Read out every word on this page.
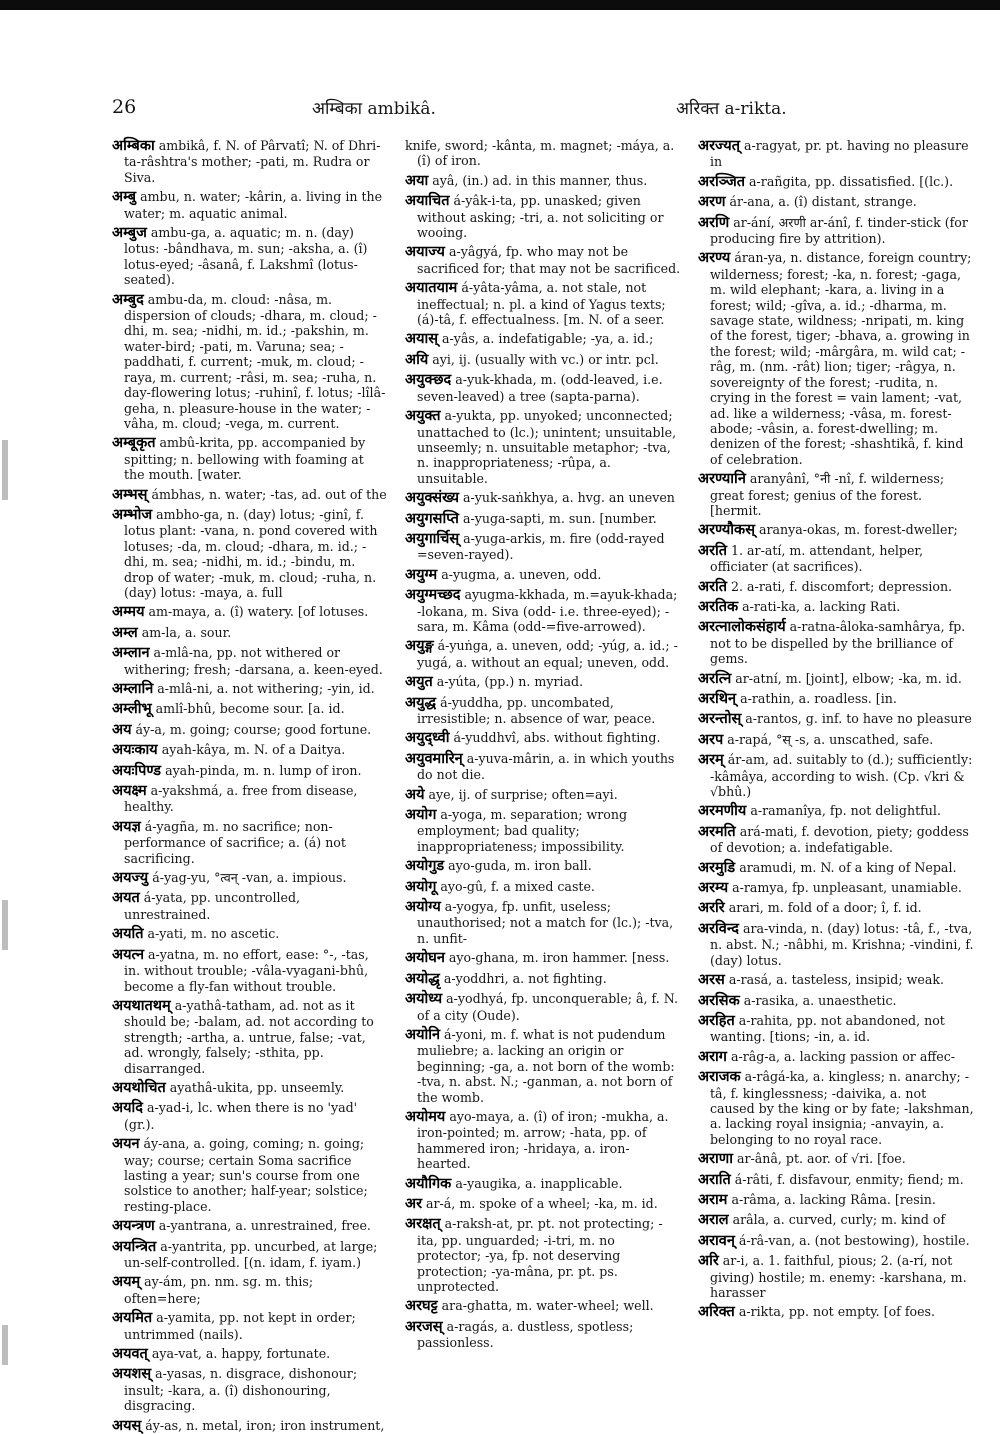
26	अम्बिका ambikâ.	अरिक्त a-rikta.

अम्बिका ambikâ, f. N. of Pârvatî; N. of Dhri-ta-râshtra's mother; -pati, m. Rudra or Siva.

अम्बु ambu, n. water; -kârin, a. living in the water; m. aquatic animal.

अम्बुज ambu-ga, a. aquatic; m. n. (day) lotus: -bândhava, m. sun; -aksha, a. (î) lotus-eyed; -âsanâ, f. Lakshmî (lotus-seated).

अम्बुद ambu-da, m. cloud: -nâsa, m. dispersion of clouds; -dhara, m. cloud; -dhi, m. sea; -nidhi, m. id.; -pakshin, m. water-bird; -pati, m. Varuna; sea; -paddhati, f. current; -muk, m. cloud; -raya, m. current; -râsi, m. sea; -ruha, n. day-flowering lotus; -ruhinî, f. lotus; -lîlâ-geha, n. pleasure-house in the water; -vâha, m. cloud; -vega, m. current.

अम्बूकृत ambû-krita, pp. accompanied by spitting; n. bellowing with foaming at the mouth. [water.

अम्भस् ámbhas, n. water; -tas, ad. out of the

अम्भोज ambho-ga, n. (day) lotus; -ginî, f. lotus plant: -vana, n. pond covered with lotuses; -da, m. cloud; -dhara, m. id.; -dhi, m. sea; -nidhi, m. id.; -bindu, m. drop of water; -muk, m. cloud; -ruha, n. (day) lotus: -maya, a. full

अम्मय am-maya, a. (î) watery. [of lotuses.

अम्ल am-la, a. sour.

अम्लान a-mlâ-na, pp. not withered or withering; fresh; -darsana, a. keen-eyed.

अम्लानि a-mlâ-ni, a. not withering; -yin, id.

अम्लीभू amlî-bhû, become sour. [a. id.

अय áy-a, m. going; course; good fortune.

अयःकाय ayah-kâya, m. N. of a Daitya.

अयःपिण्ड ayah-pinda, m. n. lump of iron.

अयक्ष्म a-yakshmá, a. free from disease, healthy.

अयज्ञ á-yagña, m. no sacrifice; non-performance of sacrifice; a. (á) not sacrificing.

अयज्यु á-yag-yu, °त्वन् -van, a. impious.

अयत á-yata, pp. uncontrolled, unrestrained.

अयति a-yati, m. no ascetic.

अयत्न a-yatna, m. no effort, ease: °-, -tas, in. without trouble; -vâla-vyagani-bhû, become a fly-fan without trouble.

अयथातथम् a-yathâ-tatham, ad. not as it should be; -balam, ad. not according to strength; -artha, a. untrue, false; -vat, ad. wrongly, falsely; -sthita, pp. disarranged.

अयथोचित ayathâ-ukita, pp. unseemly.

अयदि a-yad-i, lc. when there is no 'yad' (gr.).

अयन áy-ana, a. going, coming; n. going; way; course; certain Soma sacrifice lasting a year; sun's course from one solstice to another; half-year; solstice; resting-place.

अयन्त्रण a-yantrana, a. unrestrained, free.

अयन्त्रित a-yantrita, pp. uncurbed, at large; un-self-controlled. [(n. idam, f. iyam.)

अयम् ay-ám, pn. nm. sg. m. this; often=here;

अयमित a-yamita, pp. not kept in order; untrimmed (nails).

अयवत् aya-vat, a. happy, fortunate.

अयशस् a-yasas, n. disgrace, dishonour; insult; -kara, a. (î) dishonouring, disgracing.

अयस् áy-as, n. metal, iron; iron instrument,

knife, sword; -kânta, m. magnet; -máya, a. (î) of iron.

अया ayâ, (in.) ad. in this manner, thus.

अयाचित á-yâk-i-ta, pp. unasked; given without asking; -tri, a. not soliciting or wooing.

अयाज्य a-yâgyá, fp. who may not be sacrificed for; that may not be sacrificed.

अयातयाम á-yâta-yâma, a. not stale, not ineffectual; n. pl. a kind of Yagus texts; (á)-tâ, f. effectualness. [m. N. of a seer.

अयास् a-yâs, a. indefatigable; -ya, a. id.;

अयि ayi, ij. (usually with vc.) or intr. pcl.

अयुक्छद a-yuk-khada, m. (odd-leaved, i.e. seven-leaved) a tree (sapta-parna).

अयुक्त a-yukta, pp. unyoked; unconnected; unattached to (lc.); unintent; unsuitable, unseemly; n. unsuitable metaphor; -tva, n. inappropriateness; -rûpa, a. unsuitable.

अयुक्संख्य a-yuk-saṅkhya, a. hvg. an uneven

अयुगसप्ति a-yuga-sapti, m. sun. [number.

अयुगार्चिस् a-yuga-arkis, m. fire (odd-rayed =seven-rayed).

अयुग्म a-yugma, a. uneven, odd.

अयुग्मच्छद ayugma-kkhada, m.=ayuk-khada; -lokana, m. Siva (odd- i.e. three-eyed); -sara, m. Kâma (odd-=five-arrowed).

अयुङ्ग á-yuṅga, a. uneven, odd; -yúg, a. id.; -yugá, a. without an equal; uneven, odd.

अयुत a-yúta, (pp.) n. myriad.

अयुद्ध á-yuddha, pp. uncombated, irresistible; n. absence of war, peace.

अयुद्ध्वी á-yuddhvî, abs. without fighting.

अयुवमारिन् a-yuva-mârin, a. in which youths do not die.

अये aye, ij. of surprise; often=ayi.

अयोग a-yoga, m. separation; wrong employment; bad quality; inappropriateness; impossibility.

अयोगुड ayo-guda, m. iron ball.

अयोगू ayo-gû, f. a mixed caste.

अयोग्य a-yogya, fp. unfit, useless; unauthorised; not a match for (lc.); -tva, n. unfit-

अयोघन ayo-ghana, m. iron hammer. [ness.

अयोद्धृ a-yoddhri, a. not fighting.

अयोध्य a-yodhyá, fp. unconquerable; â, f. N. of a city (Oude).

अयोनि á-yoni, m. f. what is not pudendum muliebre; a. lacking an origin or beginning; -ga, a. not born of the womb: -tva, n. abst. N.; -ganman, a. not born of the womb.

अयोमय ayo-maya, a. (î) of iron; -mukha, a. iron-pointed; m. arrow; -hata, pp. of hammered iron; -hridaya, a. iron-hearted.

अयौगिक a-yaugika, a. inapplicable.

अर ar-á, m. spoke of a wheel; -ka, m. id.

अरक्षत् a-raksh-at, pr. pt. not protecting; -ita, pp. unguarded; -i-tri, m. no protector; -ya, fp. not deserving protection; -ya-mâna, pr. pt. ps. unprotected.

अरघट्ट ara-ghatta, m. water-wheel; well.

अरजस् a-ragás, a. dustless, spotless; passionless.

अरज्यत् a-ragyat, pr. pt. having no pleasure in

अरञ्जित a-rañgita, pp. dissatisfied. [(lc.).

अरण ár-ana, a. (î) distant, strange.

अरणि ar-ání, अरणी ar-ánî, f. tinder-stick (for producing fire by attrition).

अरण्य áran-ya, n. distance, foreign country; wilderness; forest; -ka, n. forest; -gaga, m. wild elephant; -kara, a. living in a forest; wild; -gîva, a. id.; -dharma, m. savage state, wildness; -nripati, m. king of the forest, tiger; -bhava, a. growing in the forest; wild; -mârgâra, m. wild cat; -râg, m. (nm. -rât) lion; tiger; -râgya, n. sovereignty of the forest; -rudita, n. crying in the forest = vain lament; -vat, ad. like a wilderness; -vâsa, m. forest-abode; -vâsin, a. forest-dwelling; m. denizen of the forest; -shashtikâ, f. kind of celebration.

अरण्यानि aranyânî, °नी -nî, f. wilderness; great forest; genius of the forest. [hermit.

अरण्यौकस् aranya-okas, m. forest-dweller;

अरति 1. ar-atí, m. attendant, helper, officiater (at sacrifices).

अरति 2. a-rati, f. discomfort; depression.

अरतिक a-rati-ka, a. lacking Rati.

अरत्नालोकसंहार्य a-ratna-âloka-samhârya, fp. not to be dispelled by the brilliance of gems.

अरत्नि ar-atní, m. [joint], elbow; -ka, m. id.

अरथिन् a-rathin, a. roadless. [in.

अरन्तोस् a-rantos, g. inf. to have no pleasure

अरप a-rapá, °स् -s, a. unscathed, safe.

अरम् ár-am, ad. suitably to (d.); sufficiently: -kâmâya, according to wish. (Cp. √kri & √bhû.)

अरमणीय a-ramanîya, fp. not delightful.

अरमति ará-mati, f. devotion, piety; goddess of devotion; a. indefatigable.

अरमुडि aramudi, m. N. of a king of Nepal.

अरम्य a-ramya, fp. unpleasant, unamiable.

अररि arari, m. fold of a door; î, f. id.

अरविन्द ara-vinda, n. (day) lotus: -tâ, f., -tva, n. abst. N.; -nâbhi, m. Krishna; -vindini, f. (day) lotus.

अरस a-rasá, a. tasteless, insipid; weak.

अरसिक a-rasika, a. unaesthetic.

अरहित a-rahita, pp. not abandoned, not wanting. [tions; -in, a. id.

अराग a-râg-a, a. lacking passion or affec-

अराजक a-râgá-ka, a. kingless; n. anarchy; -tâ, f. kinglessness; -daivika, a. not caused by the king or by fate; -lakshman, a. lacking royal insignia; -anvayin, a. belonging to no royal race.

अराणा ar-ânâ, pt. aor. of √ri. [foe.

अराति á-râti, f. disfavour, enmity; fiend; m.

अराम a-râma, a. lacking Râma. [resin.

अराल arâla, a. curved, curly; m. kind of

अरावन् á-râ-van, a. (not bestowing), hostile.

अरि ar-i, a. 1. faithful, pious; 2. (a-rí, not giving) hostile; m. enemy: -karshana, m. harasser

अरिक्त a-rikta, pp. not empty. [of foes.
